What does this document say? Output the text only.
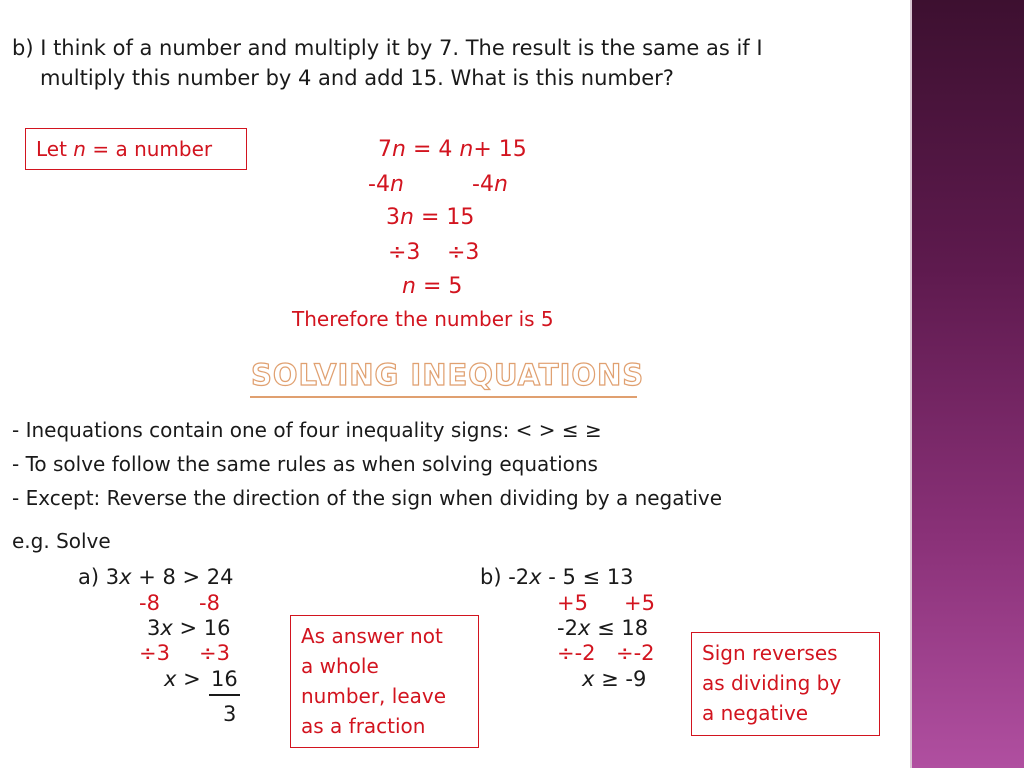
b) I think of a number and multiply it by 7. The result is the same as if I
multiply this number by 4 and add 15. What is this number?
Let n = a number	7n = 4 n+ 15
-4n	-4n
3n = 15
÷3 ÷3
n = 5
Therefore the number is 5
SOLVING INEQUATIONS
- Inequations contain one of four inequality signs: < > ≤ ≥
- To solve follow the same rules as when solving equations
- Except: Reverse the direction of the sign when dividing by a negative
e.g. Solve
a) 3x + 8 > 24
-8 -8
3x > 16
÷3 ÷3
x > 16
3
As answer not
a whole
number, leave
as a fraction
b) -2x - 5 ≤ 13
+5 +5
-2x ≤ 18
÷-2 ÷-2
x ≥ -9
Sign reverses
as dividing by
a negative
